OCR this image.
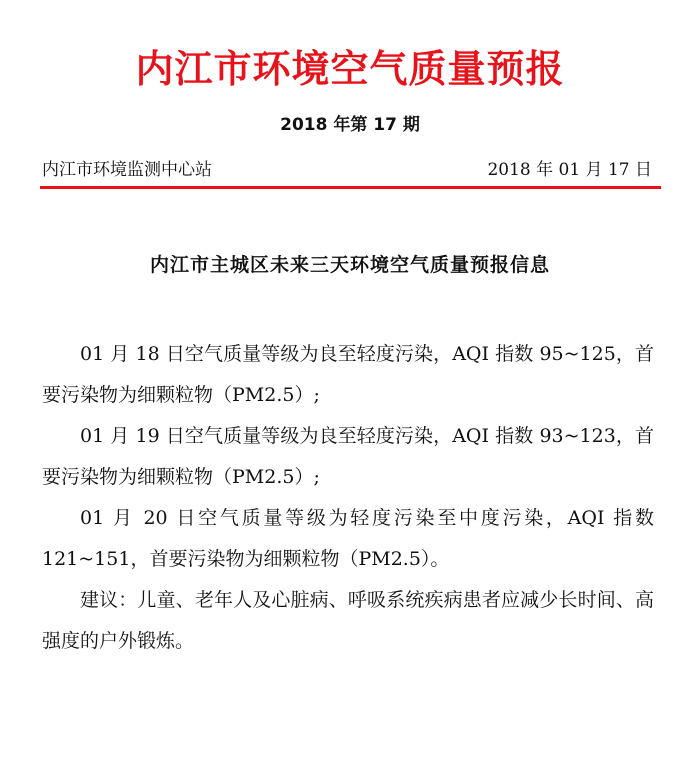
内江市环境空气质量预报
2018 年第 17 期
内江市环境监测中心站	2018 年 01 月 17 日
内江市主城区未来三天环境空气质量预报信息

01 月 18 日空气质量等级为良至轻度污染，AQI 指数 95~125，首要污染物为细颗粒物（PM2.5）;

01 月 19 日空气质量等级为良至轻度污染，AQI 指数 93~123，首要污染物为细颗粒物（PM2.5）;

01 月 20 日空气质量等级为轻度污染至中度污染，AQI 指数 121~151，首要污染物为细颗粒物（PM2.5）。

建议：儿童、老年人及心脏病、呼吸系统疾病患者应减少长时间、高强度的户外锻炼。
